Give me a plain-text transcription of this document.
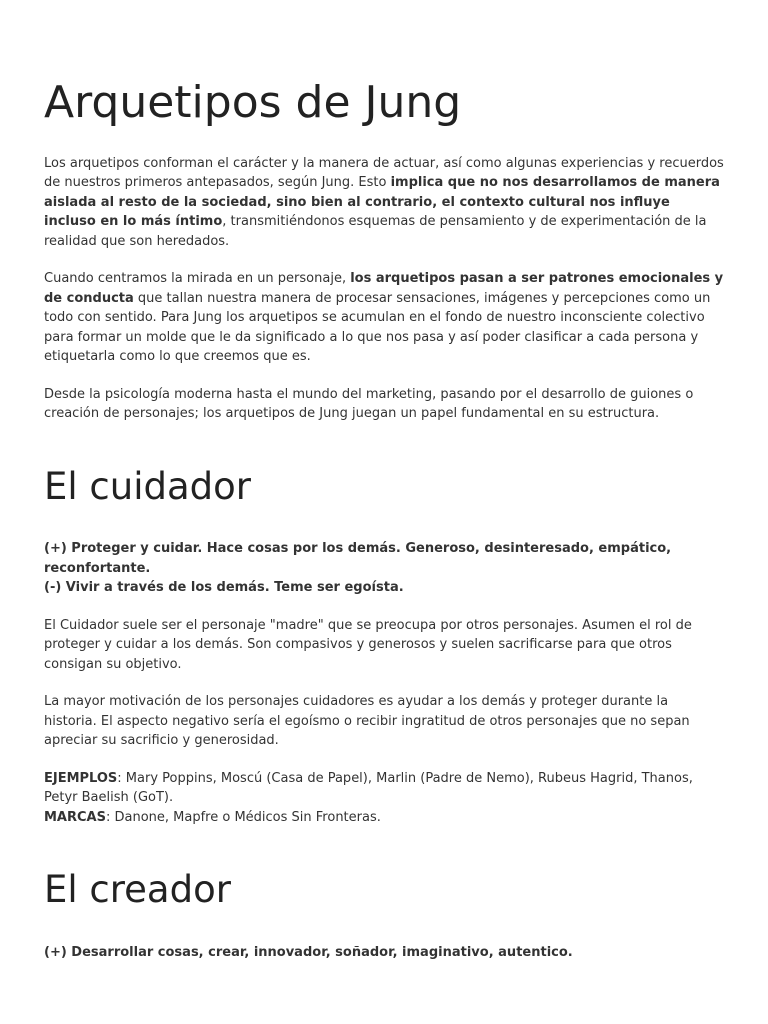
Arquetipos de Jung

Los arquetipos conforman el carácter y la manera de actuar, así como algunas experiencias y recuerdos de nuestros primeros antepasados, según Jung. Esto implica que no nos desarrollamos de manera aislada al resto de la sociedad, sino bien al contrario, el contexto cultural nos influye incluso en lo más íntimo, transmitiéndonos esquemas de pensamiento y de experimentación de la realidad que son heredados.

Cuando centramos la mirada en un personaje, los arquetipos pasan a ser patrones emocionales y de conducta que tallan nuestra manera de procesar sensaciones, imágenes y percepciones como un todo con sentido. Para Jung los arquetipos se acumulan en el fondo de nuestro inconsciente colectivo para formar un molde que le da significado a lo que nos pasa y así poder clasificar a cada persona y etiquetarla como lo que creemos que es.

Desde la psicología moderna hasta el mundo del marketing, pasando por el desarrollo de guiones o creación de personajes; los arquetipos de Jung juegan un papel fundamental en su estructura.

El cuidador

(+) Proteger y cuidar. Hace cosas por los demás. Generoso, desinteresado, empático, reconfortante.
(-) Vivir a través de los demás. Teme ser egoísta.

El Cuidador suele ser el personaje "madre" que se preocupa por otros personajes. Asumen el rol de proteger y cuidar a los demás. Son compasivos y generosos y suelen sacrificarse para que otros consigan su objetivo.

La mayor motivación de los personajes cuidadores es ayudar a los demás y proteger durante la historia. El aspecto negativo sería el egoísmo o recibir ingratitud de otros personajes que no sepan apreciar su sacrificio y generosidad.

EJEMPLOS: Mary Poppins, Moscú (Casa de Papel), Marlin (Padre de Nemo), Rubeus Hagrid, Thanos, Petyr Baelish (GoT).
MARCAS: Danone, Mapfre o Médicos Sin Fronteras.

El creador

(+) Desarrollar cosas, crear, innovador, soñador, imaginativo, autentico.
